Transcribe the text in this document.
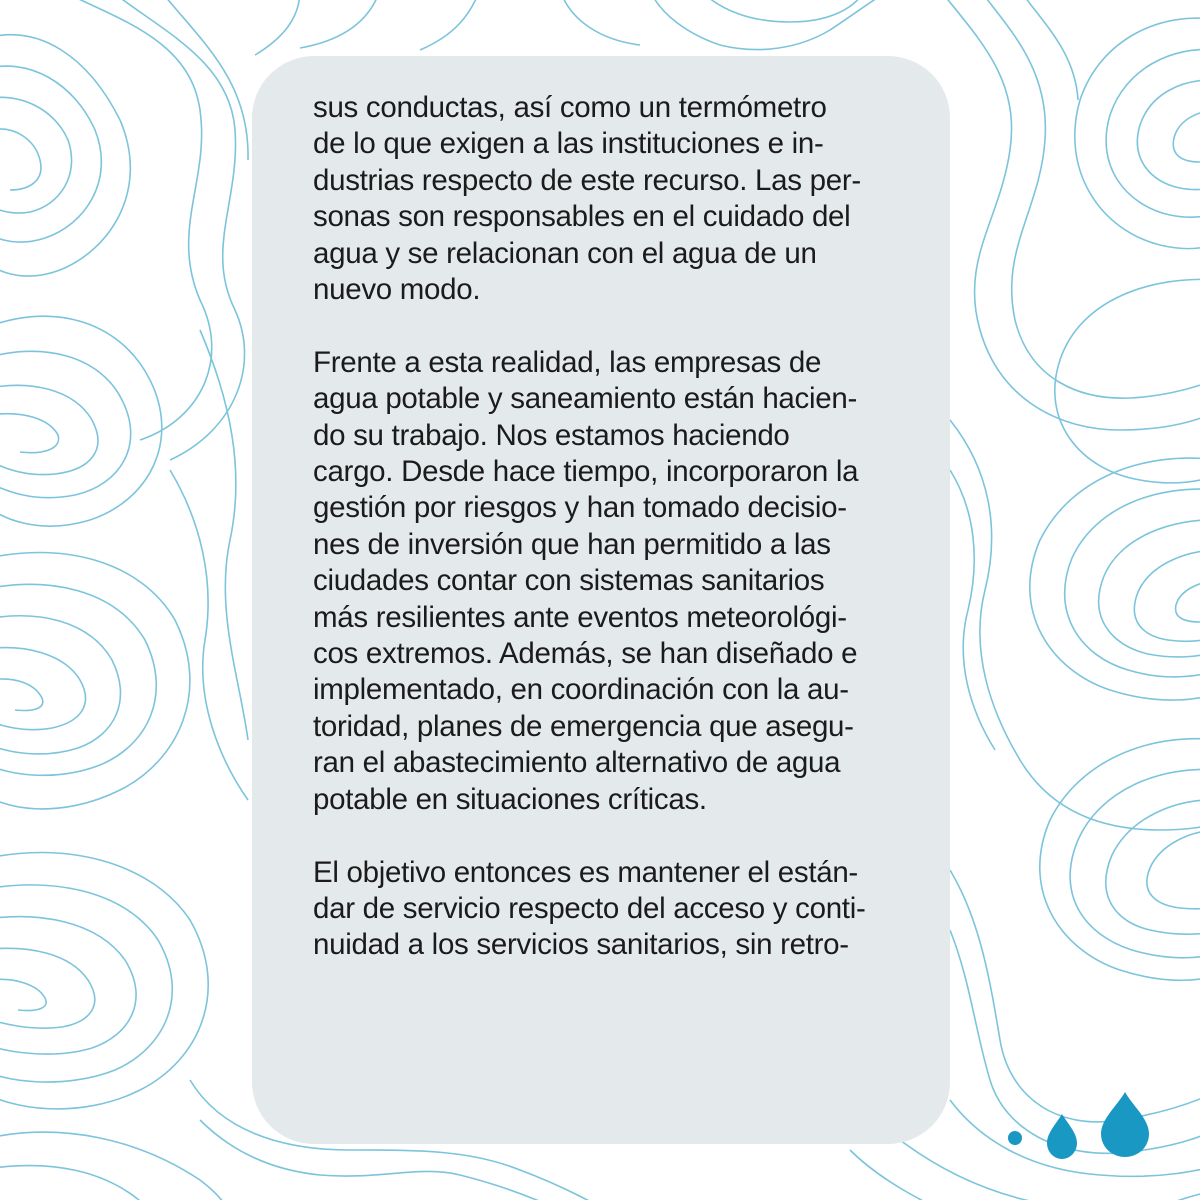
sus conductas, así como un termómetro
de lo que exigen a las instituciones e in-
dustrias respecto de este recurso. Las per-
sonas son responsables en el cuidado del
agua y se relacionan con el agua de un
nuevo modo.

Frente a esta realidad, las empresas de
agua potable y saneamiento están hacien-
do su trabajo. Nos estamos haciendo
cargo. Desde hace tiempo, incorporaron la
gestión por riesgos y han tomado decisio-
nes de inversión que han permitido a las
ciudades contar con sistemas sanitarios
más resilientes ante eventos meteorológi-
cos extremos. Además, se han diseñado e
implementado, en coordinación con la au-
toridad, planes de emergencia que asegu-
ran el abastecimiento alternativo de agua
potable en situaciones críticas.

El objetivo entonces es mantener el están-
dar de servicio respecto del acceso y conti-
nuidad a los servicios sanitarios, sin retro-
